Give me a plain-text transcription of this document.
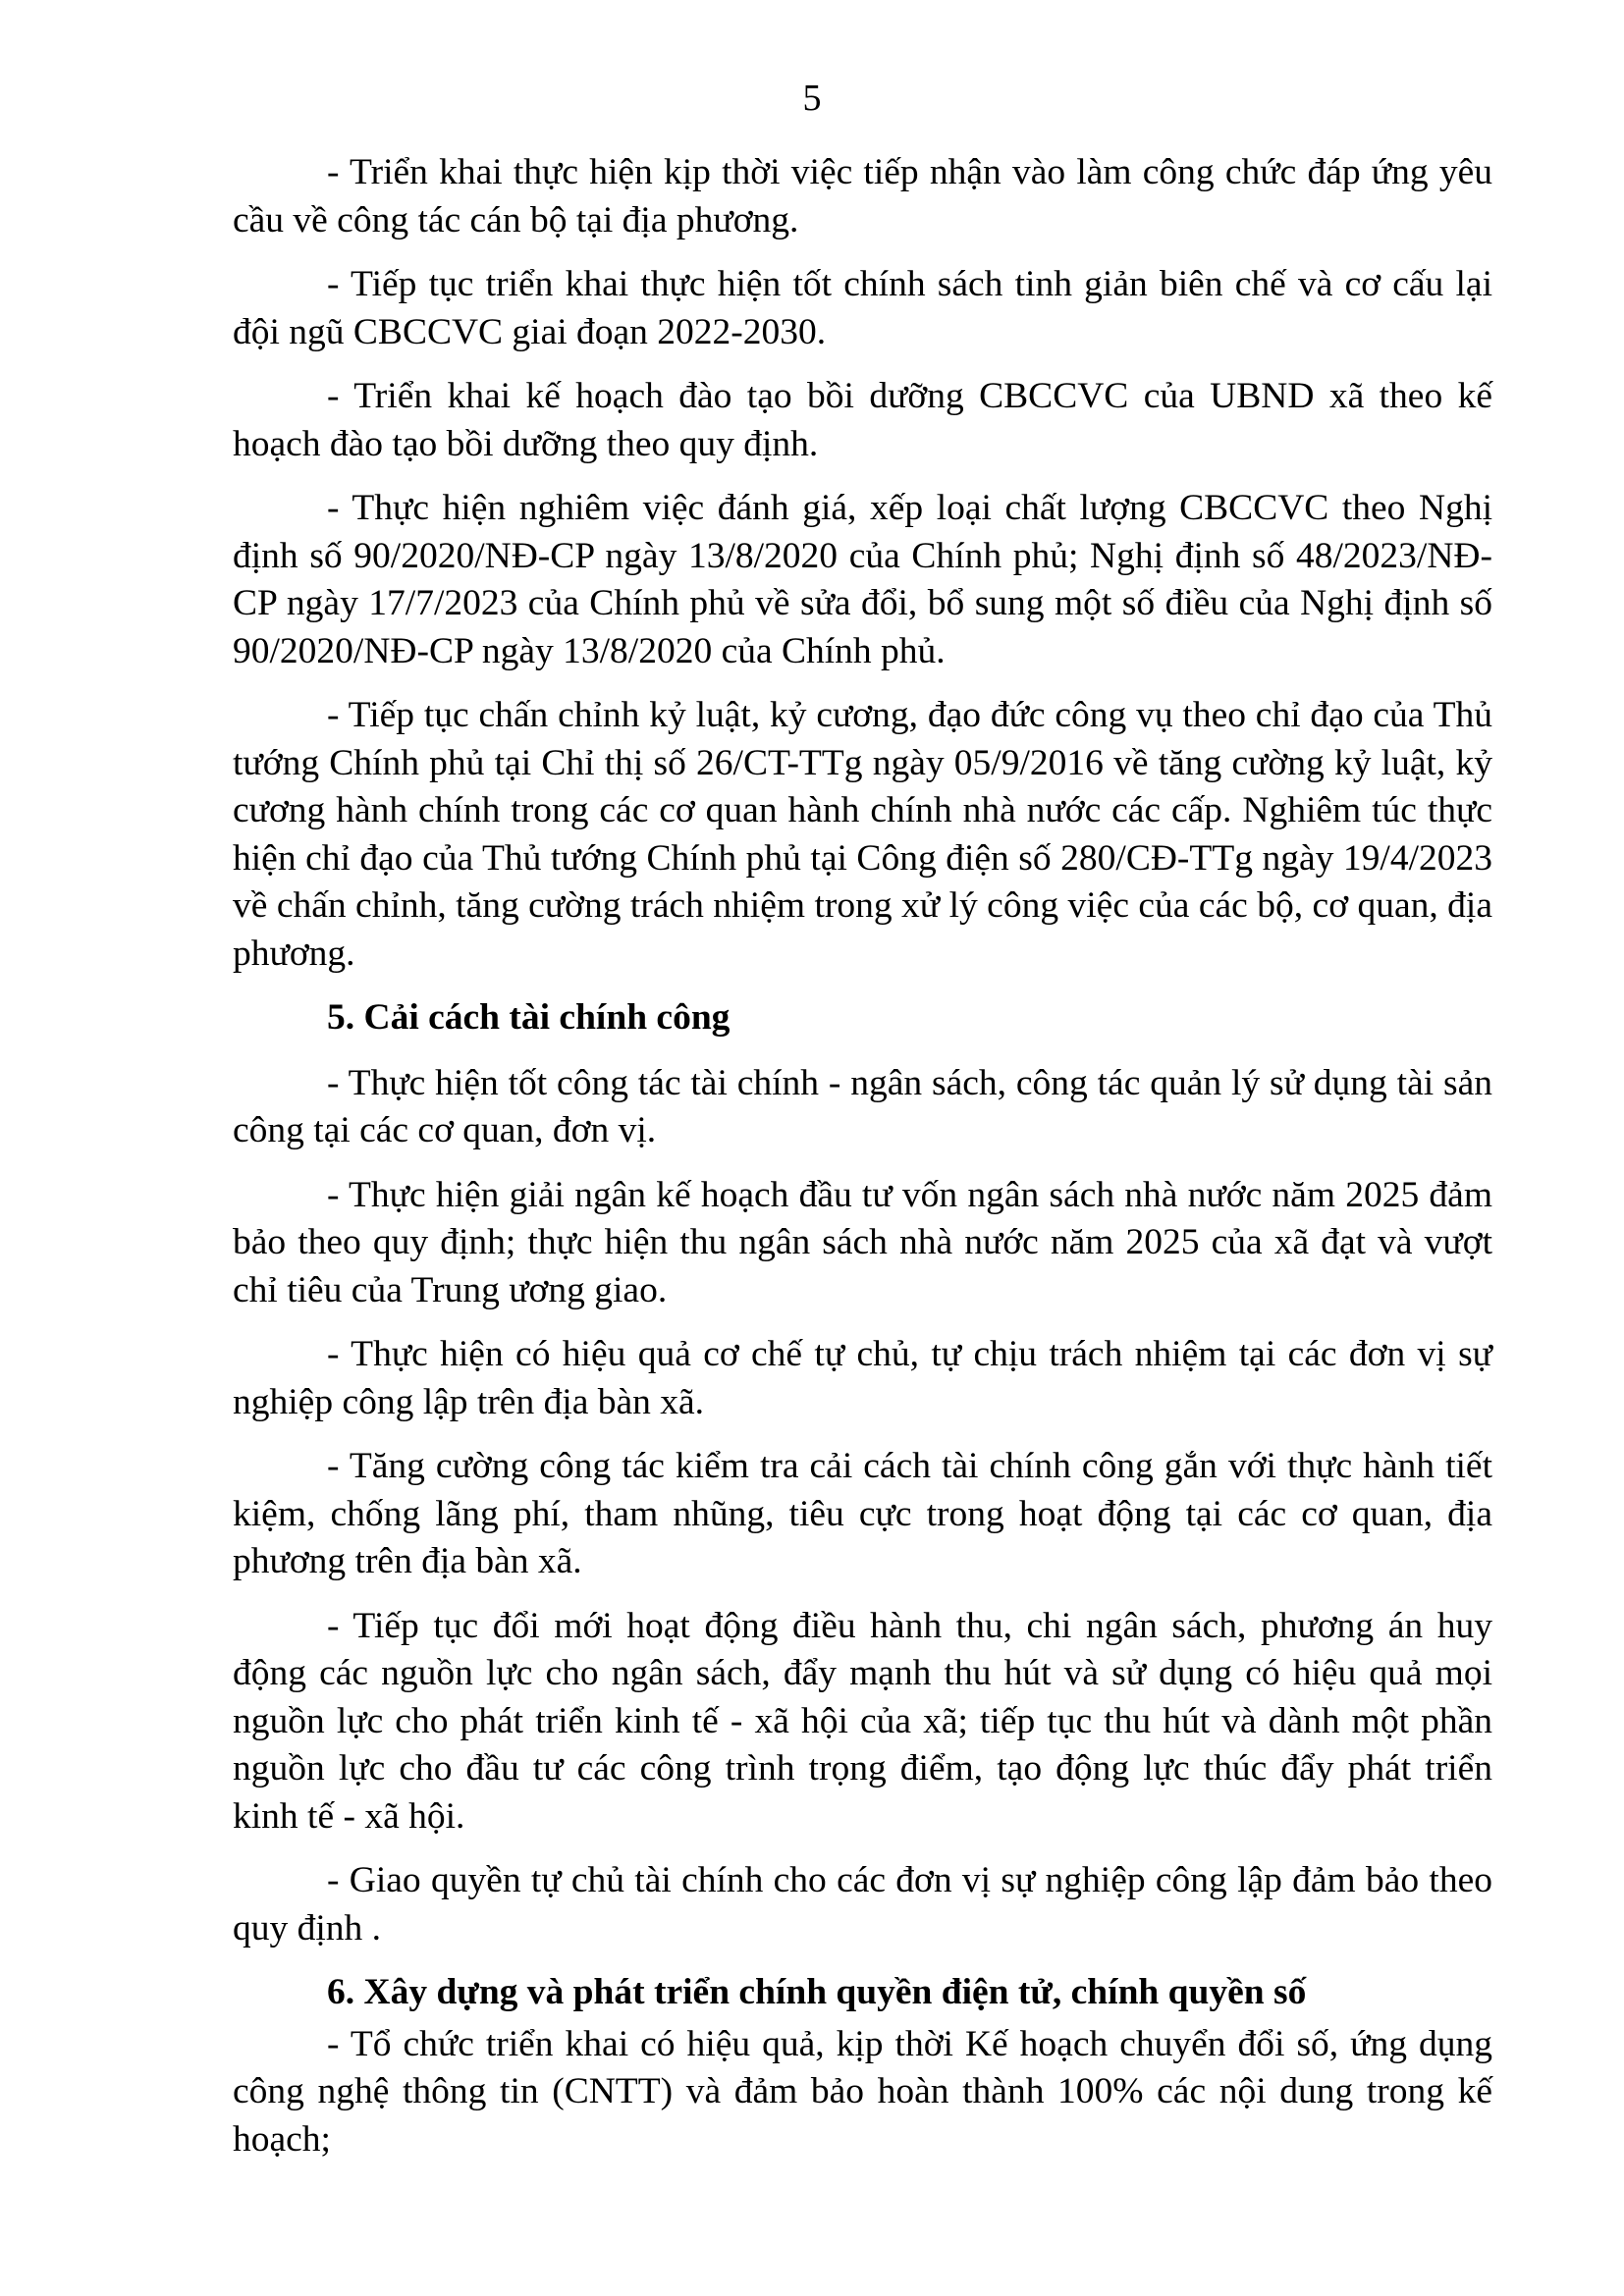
5

- Triển khai thực hiện kịp thời việc tiếp nhận vào làm công chức đáp ứng yêu cầu về công tác cán bộ tại địa phương.

- Tiếp tục triển khai thực hiện tốt chính sách tinh giản biên chế và cơ cấu lại đội ngũ CBCCVC giai đoạn 2022-2030.

- Triển khai kế hoạch đào tạo bồi dưỡng CBCCVC của UBND xã theo kế hoạch đào tạo bồi dưỡng theo quy định.

- Thực hiện nghiêm việc đánh giá, xếp loại chất lượng CBCCVC theo Nghị định số 90/2020/NĐ-CP ngày 13/8/2020 của Chính phủ; Nghị định số 48/2023/NĐ-CP ngày 17/7/2023 của Chính phủ về sửa đổi, bổ sung một số điều của Nghị định số 90/2020/NĐ-CP ngày 13/8/2020 của Chính phủ.

- Tiếp tục chấn chỉnh kỷ luật, kỷ cương, đạo đức công vụ theo chỉ đạo của Thủ tướng Chính phủ tại Chỉ thị số 26/CT-TTg ngày 05/9/2016 về tăng cường kỷ luật, kỷ cương hành chính trong các cơ quan hành chính nhà nước các cấp. Nghiêm túc thực hiện chỉ đạo của Thủ tướng Chính phủ tại Công điện số 280/CĐ-TTg ngày 19/4/2023 về chấn chỉnh, tăng cường trách nhiệm trong xử lý công việc của các bộ, cơ quan, địa phương.

5. Cải cách tài chính công

- Thực hiện tốt công tác tài chính - ngân sách, công tác quản lý sử dụng tài sản công tại các cơ quan, đơn vị.

- Thực hiện giải ngân kế hoạch đầu tư vốn ngân sách nhà nước năm 2025 đảm bảo theo quy định; thực hiện thu ngân sách nhà nước năm 2025 của xã đạt và vượt chỉ tiêu của Trung ương giao.

- Thực hiện có hiệu quả cơ chế tự chủ, tự chịu trách nhiệm tại các đơn vị sự nghiệp công lập trên địa bàn xã.

- Tăng cường công tác kiểm tra cải cách tài chính công gắn với thực hành tiết kiệm, chống lãng phí, tham nhũng, tiêu cực trong hoạt động tại các cơ quan, địa phương trên địa bàn xã.

- Tiếp tục đổi mới hoạt động điều hành thu, chi ngân sách, phương án huy động các nguồn lực cho ngân sách, đẩy mạnh thu hút và sử dụng có hiệu quả mọi nguồn lực cho phát triển kinh tế - xã hội của xã; tiếp tục thu hút và dành một phần nguồn lực cho đầu tư các công trình trọng điểm, tạo động lực thúc đẩy phát triển kinh tế - xã hội.

- Giao quyền tự chủ tài chính cho các đơn vị sự nghiệp công lập đảm bảo theo quy định .

6. Xây dựng và phát triển chính quyền điện tử, chính quyền số

- Tổ chức triển khai có hiệu quả, kịp thời Kế hoạch chuyển đổi số, ứng dụng công nghệ thông tin (CNTT) và đảm bảo hoàn thành 100% các nội dung trong kế hoạch;
